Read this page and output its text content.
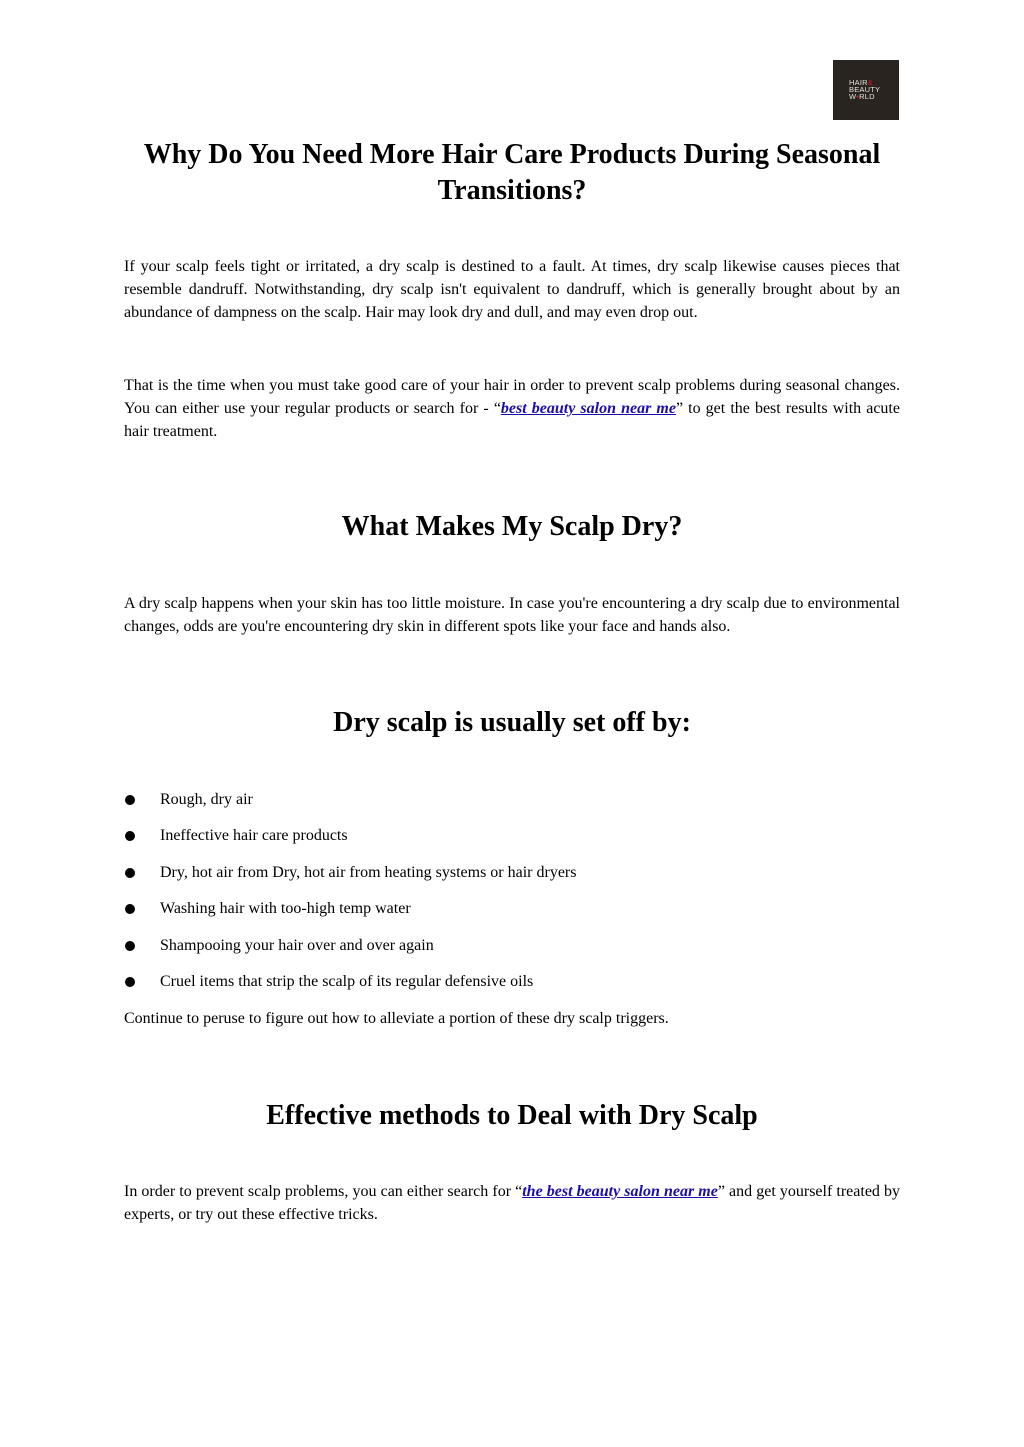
HAIR&
BEAUTY
W•RLD
Why Do You Need More Hair Care Products During Seasonal Transitions?

If your scalp feels tight or irritated, a dry scalp is destined to a fault. At times, dry scalp likewise causes pieces that resemble dandruff. Notwithstanding, dry scalp isn't equivalent to dandruff, which is generally brought about by an abundance of dampness on the scalp. Hair may look dry and dull, and may even drop out.

That is the time when you must take good care of your hair in order to prevent scalp problems during seasonal changes. You can either use your regular products or search for - “best beauty salon near me” to get the best results with acute hair treatment.

What Makes My Scalp Dry?

A dry scalp happens when your skin has too little moisture. In case you're encountering a dry scalp due to environmental changes, odds are you're encountering dry skin in different spots like your face and hands also.

Dry scalp is usually set off by:
Rough, dry air
Ineffective hair care products
Dry, hot air from Dry, hot air from heating systems or hair dryers
Washing hair with too-high temp water
Shampooing your hair over and over again
Cruel items that strip the scalp of its regular defensive oils

Continue to peruse to figure out how to alleviate a portion of these dry scalp triggers.

Effective methods to Deal with Dry Scalp

In order to prevent scalp problems, you can either search for “the best beauty salon near me” and get yourself treated by experts, or try out these effective tricks.
